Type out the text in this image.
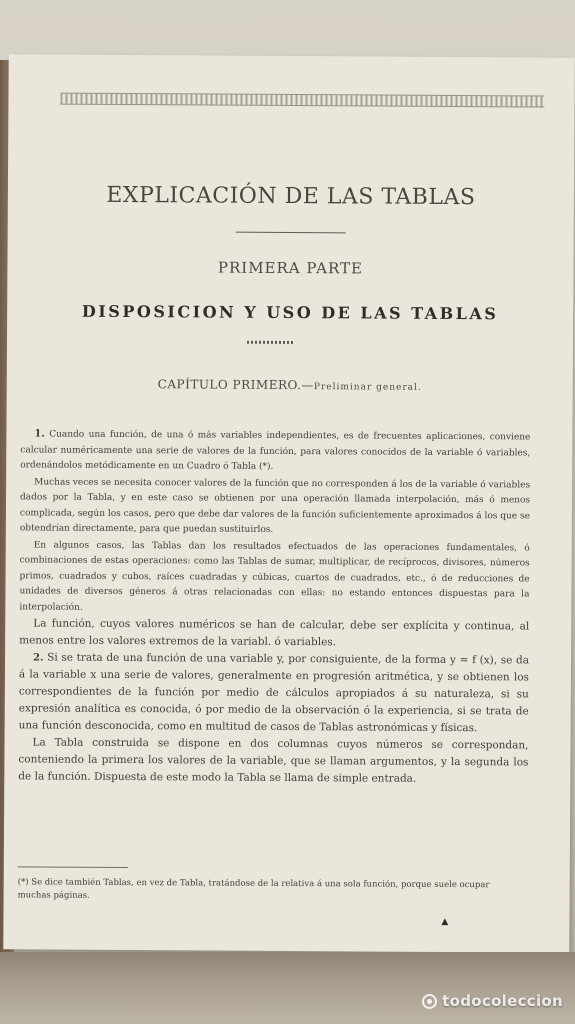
EXPLICACIÓN DE LAS TABLAS
PRIMERA PARTE
DISPOSICION Y USO DE LAS TABLAS
CAPÍTULO PRIMERO.—Preliminar general.

1. Cuando una función, de una ó más variables independientes, es de frecuentes aplicaciones, conviene calcular numéricamente una serie de valores de la función, para valores conocidos de la variable ó variables, ordenándolos metódicamente en un Cuadro ó Tabla (*).

Muchas veces se necesita conocer valores de la función que no corresponden á los de la variable ó variables dados por la Tabla, y en este caso se obtienen por una operación llamada interpolación, más ó menos complicada, según los casos, pero que debe dar valores de la función suficientemente aproximados á los que se obtendrían directamente, para que puedan sustituirlos.

En algunos casos, las Tablas dan los resultados efectuados de las operaciones fundamentales, ó combinaciones de estas operaciones: como las Tablas de sumar, multiplicar, de recíprocos, divisores, números primos, cuadrados y cubos, raíces cuadradas y cúbicas, cuartos de cuadrados, etc., ó de reducciones de unidades de diversos géneros á otras relacionadas con ellas: no estando entonces dispuestas para la interpolación.

La función, cuyos valores numéricos se han de calcular, debe ser explícita y continua, al menos entre los valores extremos de la variabl. ó variables.

2. Si se trata de una función de una variable y, por consiguiente, de la forma y = f (x), se da á la variable x una serie de valores, generalmente en progresión aritmética, y se obtienen los correspondientes de la función por medio de cálculos apropiados á su naturaleza, si su expresión analítica es conocida, ó por medio de la observación ó la experiencia, si se trata de una función desconocida, como en multitud de casos de Tablas astronómicas y físicas.

La Tabla construida se dispone en dos columnas cuyos números se correspondan, conteniendo la primera los valores de la variable, que se llaman argumentos, y la segunda los de la función. Dispuesta de este modo la Tabla se llama de simple entrada.

(*) Se dice también Tablas, en vez de Tabla, tratándose de la relativa á una sola función, porque suele ocupar muchas páginas.

▲
todocoleccion
